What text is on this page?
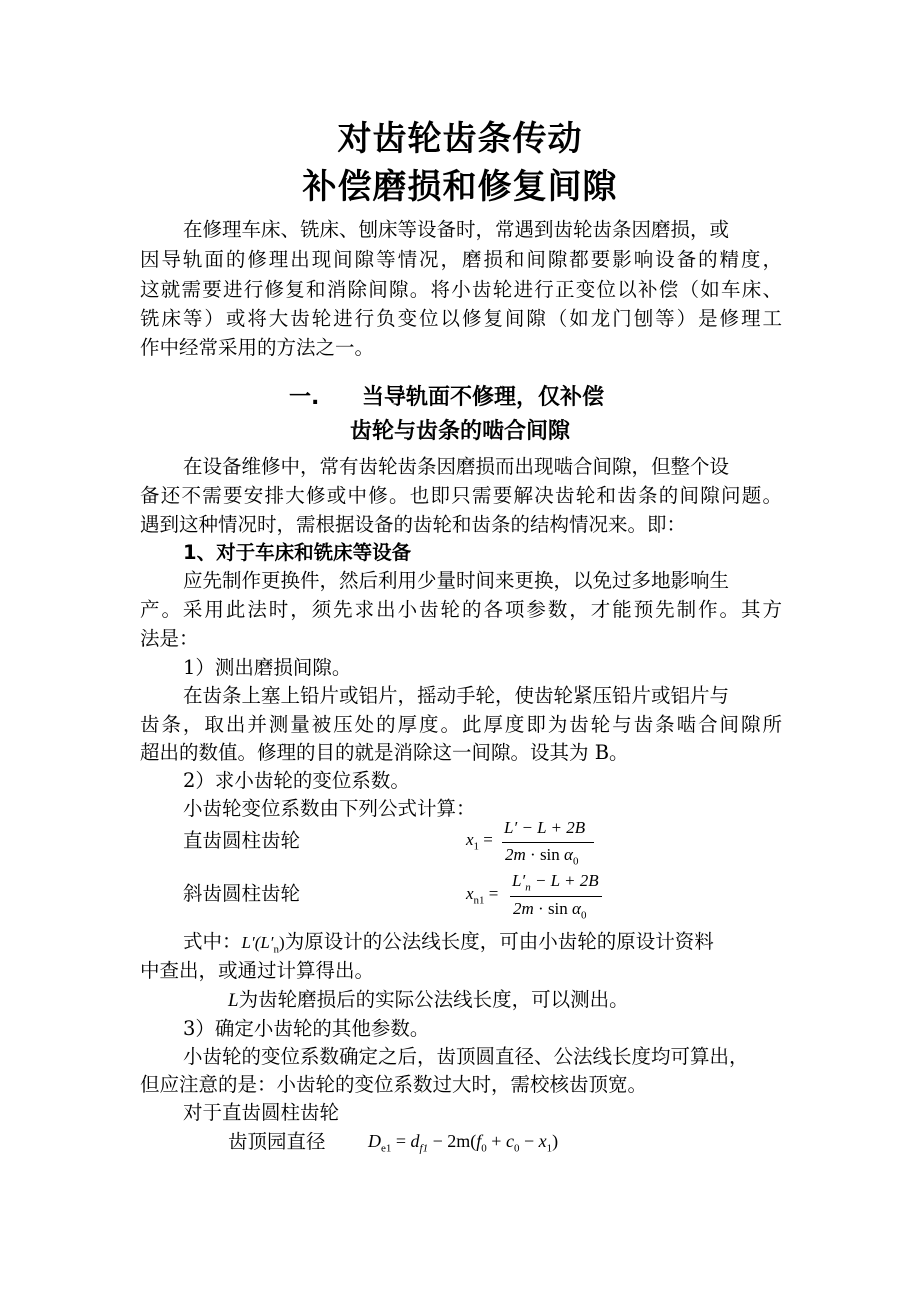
对齿轮齿条传动
补偿磨损和修复间隙
在修理车床、铣床、刨床等设备时，常遇到齿轮齿条因磨损，或
因导轨面的修理出现间隙等情况，磨损和间隙都要影响设备的精度，
这就需要进行修复和消除间隙。将小齿轮进行正变位以补偿（如车床、
铣床等）或将大齿轮进行负变位以修复间隙（如龙门刨等）是修理工
作中经常采用的方法之一。
一. 当导轨面不修理，仅补偿
齿轮与齿条的啮合间隙
在设备维修中，常有齿轮齿条因磨损而出现啮合间隙，但整个设
备还不需要安排大修或中修。也即只需要解决齿轮和齿条的间隙问题。
遇到这种情况时，需根据设备的齿轮和齿条的结构情况来。即：
1、对于车床和铣床等设备
应先制作更换件，然后利用少量时间来更换，以免过多地影响生
产。采用此法时，须先求出小齿轮的各项参数，才能预先制作。其方
法是：
1）测出磨损间隙。
在齿条上塞上铅片或铝片，摇动手轮，使齿轮紧压铅片或铝片与
齿条，取出并测量被压处的厚度。此厚度即为齿轮与齿条啮合间隙所
超出的数值。修理的目的就是消除这一间隙。设其为 B。
2）求小齿轮的变位系数。
小齿轮变位系数由下列公式计算：
直齿圆柱齿轮	$x_1$ =
L′ − L + 2B
$2m \cdot \sin \alpha_0$
斜齿圆柱齿轮	$x_{n1}$ =
$L'_n - L + 2B$
$2m \cdot \sin \alpha_0$
式中：$L'(L'_n)$为原设计的公法线长度，可由小齿轮的原设计资料
中查出，或通过计算得出。
L为齿轮磨损后的实际公法线长度，可以测出。
3）确定小齿轮的其他参数。
小齿轮的变位系数确定之后，齿顶圆直径、公法线长度均可算出，
但应注意的是：小齿轮的变位系数过大时，需校核齿顶宽。
对于直齿圆柱齿轮
齿顶园直径 $D_{e1} = d_{f1} - 2m(f_0 + c_0 - x_1)$
